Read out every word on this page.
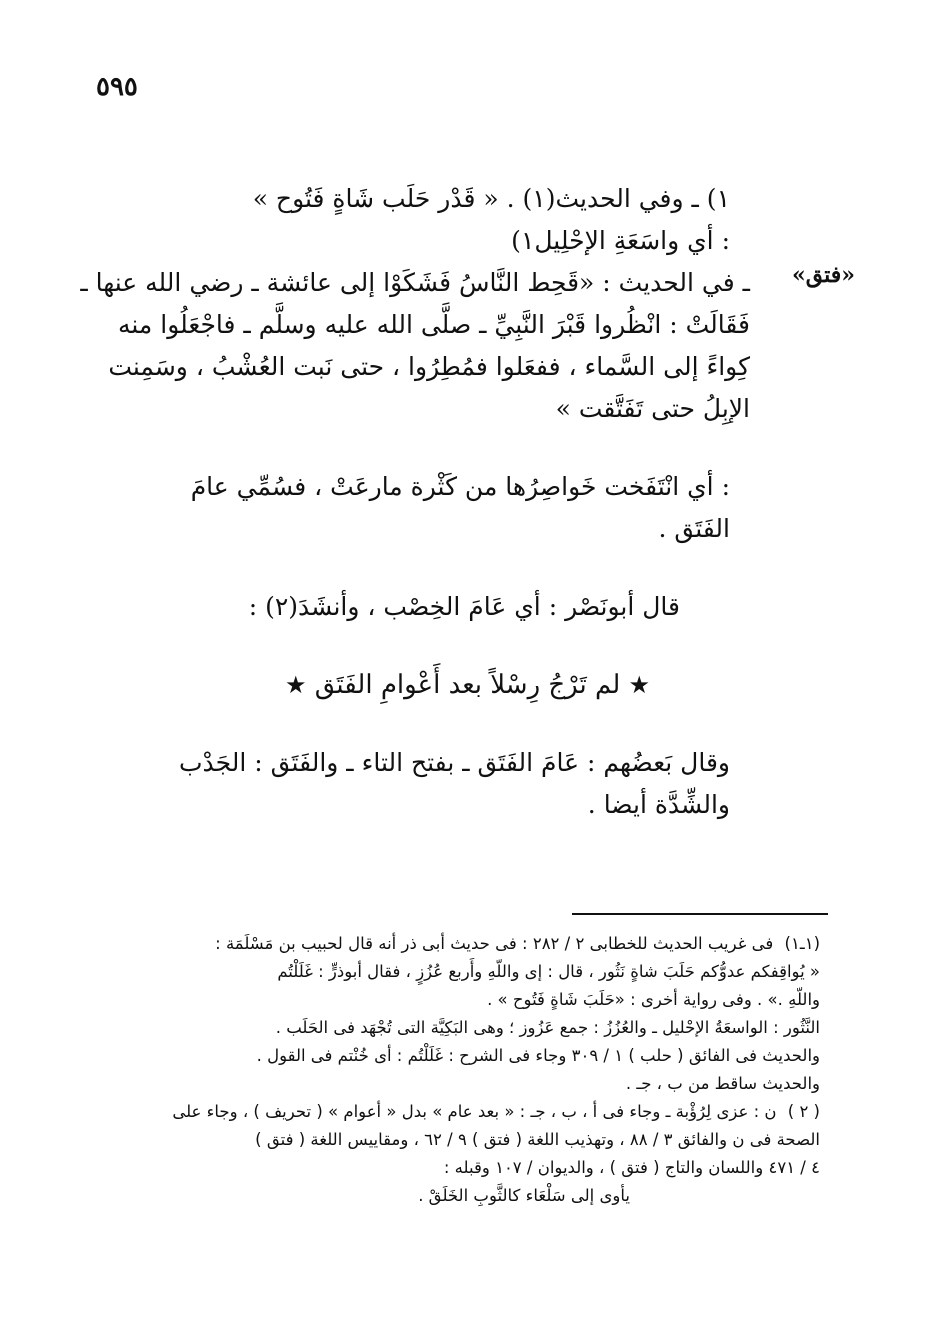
٥٩٥
١) ـ وفي الحديث(١) . « قَدْر حَلَب شَاةٍ فَتُوح »
: أي واسَعَةِ الإحْلِيل١)
«فتق»
ـ في الحديث : «قَحِط النَّاسُ فَشَكَوْا إلى عائشة ـ رضي الله عنها ـ
فَقَالَتْ : انْظُروا قَبْرَ النَّبِيِّ ـ صلَّى الله عليه وسلَّم ـ فاجْعَلُوا منه
كِواءً إلى السَّماء ، ففعَلوا فمُطِرُوا ، حتى نَبت العُشْبُ ، وسَمِنت
الإبِلُ حتى تَفَتَّقت »
: أي انْتَفَخت خَواصِرُها من كَثْرة مارعَتْ ، فسُمِّي عامَ
الفَتَق .
قال أبونَصْر : أي عَامَ الخِصْب ، وأنشَدَ(٢) :
★ لم تَرْجُ رِسْلاً بعد أَعْوامِ الفَتَق ★
وقال بَعضُهم : عَامَ الفَتَق ـ بفتح التاء ـ والفَتَق : الجَدْب
والشِّدَّة أيضا .
(١ـ١) فى غريب الحديث للخطابى ٢ / ٢٨٢ : فى حديث أبى ذر أنه قال لحبيب بن مَسْلَمَة :
« يُواقِفكم عدوُّكم حَلَبَ شاةٍ نَثُور ، قال : إى واللّهِ وأَربع عُزُزٍ ، فقال أبوذرٍّ : غَلَلْتُم
واللّهِ .» . وفى رواية أخرى : «حَلَبَ شَاةٍ فَتُوح » .
النَّثُور : الواسعَةُ الإحْليل ـ والعُزُزُ : جمع عَزُوز ؛ وهى البَكِيَّة التى تُجْهَد فى الحَلَب .
والحديث فى الفائق ( حلب ) ١ / ٣٠٩ وجاء فى الشرح : غَلَلْتُم : أى خُنْتم فى القول .
والحديث ساقط من ب ، جـ .
( ٢ ) ن : عزى لِرُؤْبة ـ وجاء فى أ ، ب ، جـ : « بعد عام » بدل « أعوام » ( تحريف ) ، وجاء على
الصحة فى ن والفائق ٣ / ٨٨ ، وتهذيب اللغة ( فتق ) ٩ / ٦٢ ، ومقاييس اللغة ( فتق )
٤ / ٤٧١ واللسان والتاج ( فتق ) ، والديوان / ١٠٧ وقبله :
يأوى إلى سَلْعَاء كالثَّوبِ الخَلَقْ .
